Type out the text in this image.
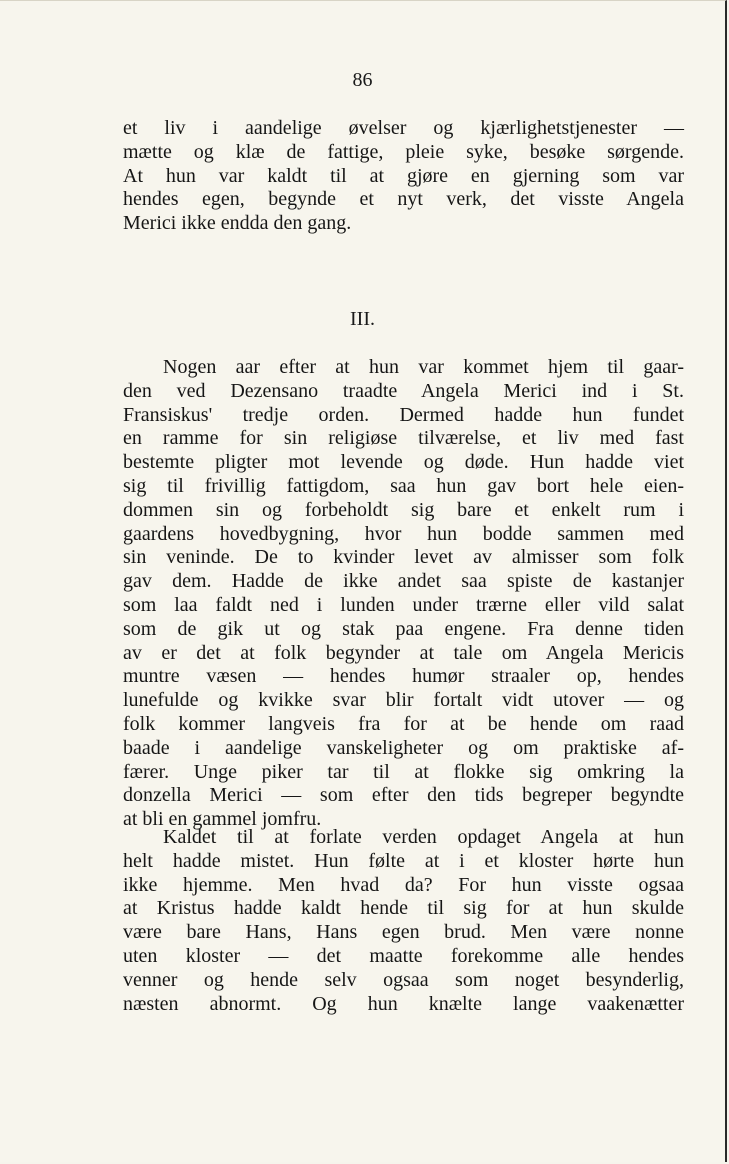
86
et liv i aandelige øvelser og kjærlighetstjenester —
mætte og klæ de fattige, pleie syke, besøke sørgende.
At hun var kaldt til at gjøre en gjerning som var
hendes egen, begynde et nyt verk, det visste Angela
Merici ikke endda den gang.
III.
Nogen aar efter at hun var kommet hjem til gaar-
den ved Dezensano traadte Angela Merici ind i St.
Fransiskus' tredje orden. Dermed hadde hun fundet
en ramme for sin religiøse tilværelse, et liv med fast
bestemte pligter mot levende og døde. Hun hadde viet
sig til frivillig fattigdom, saa hun gav bort hele eien-
dommen sin og forbeholdt sig bare et enkelt rum i
gaardens hovedbygning, hvor hun bodde sammen med
sin veninde. De to kvinder levet av almisser som folk
gav dem. Hadde de ikke andet saa spiste de kastanjer
som laa faldt ned i lunden under trærne eller vild salat
som de gik ut og stak paa engene. Fra denne tiden
av er det at folk begynder at tale om Angela Mericis
muntre væsen — hendes humør straaler op, hendes
lunefulde og kvikke svar blir fortalt vidt utover — og
folk kommer langveis fra for at be hende om raad
baade i aandelige vanskeligheter og om praktiske af-
færer. Unge piker tar til at flokke sig omkring la
donzella Merici — som efter den tids begreper begyndte
at bli en gammel jomfru.
Kaldet til at forlate verden opdaget Angela at hun
helt hadde mistet. Hun følte at i et kloster hørte hun
ikke hjemme. Men hvad da? For hun visste ogsaa
at Kristus hadde kaldt hende til sig for at hun skulde
være bare Hans, Hans egen brud. Men være nonne
uten kloster — det maatte forekomme alle hendes
venner og hende selv ogsaa som noget besynderlig,
næsten abnormt. Og hun knælte lange vaakenætter
